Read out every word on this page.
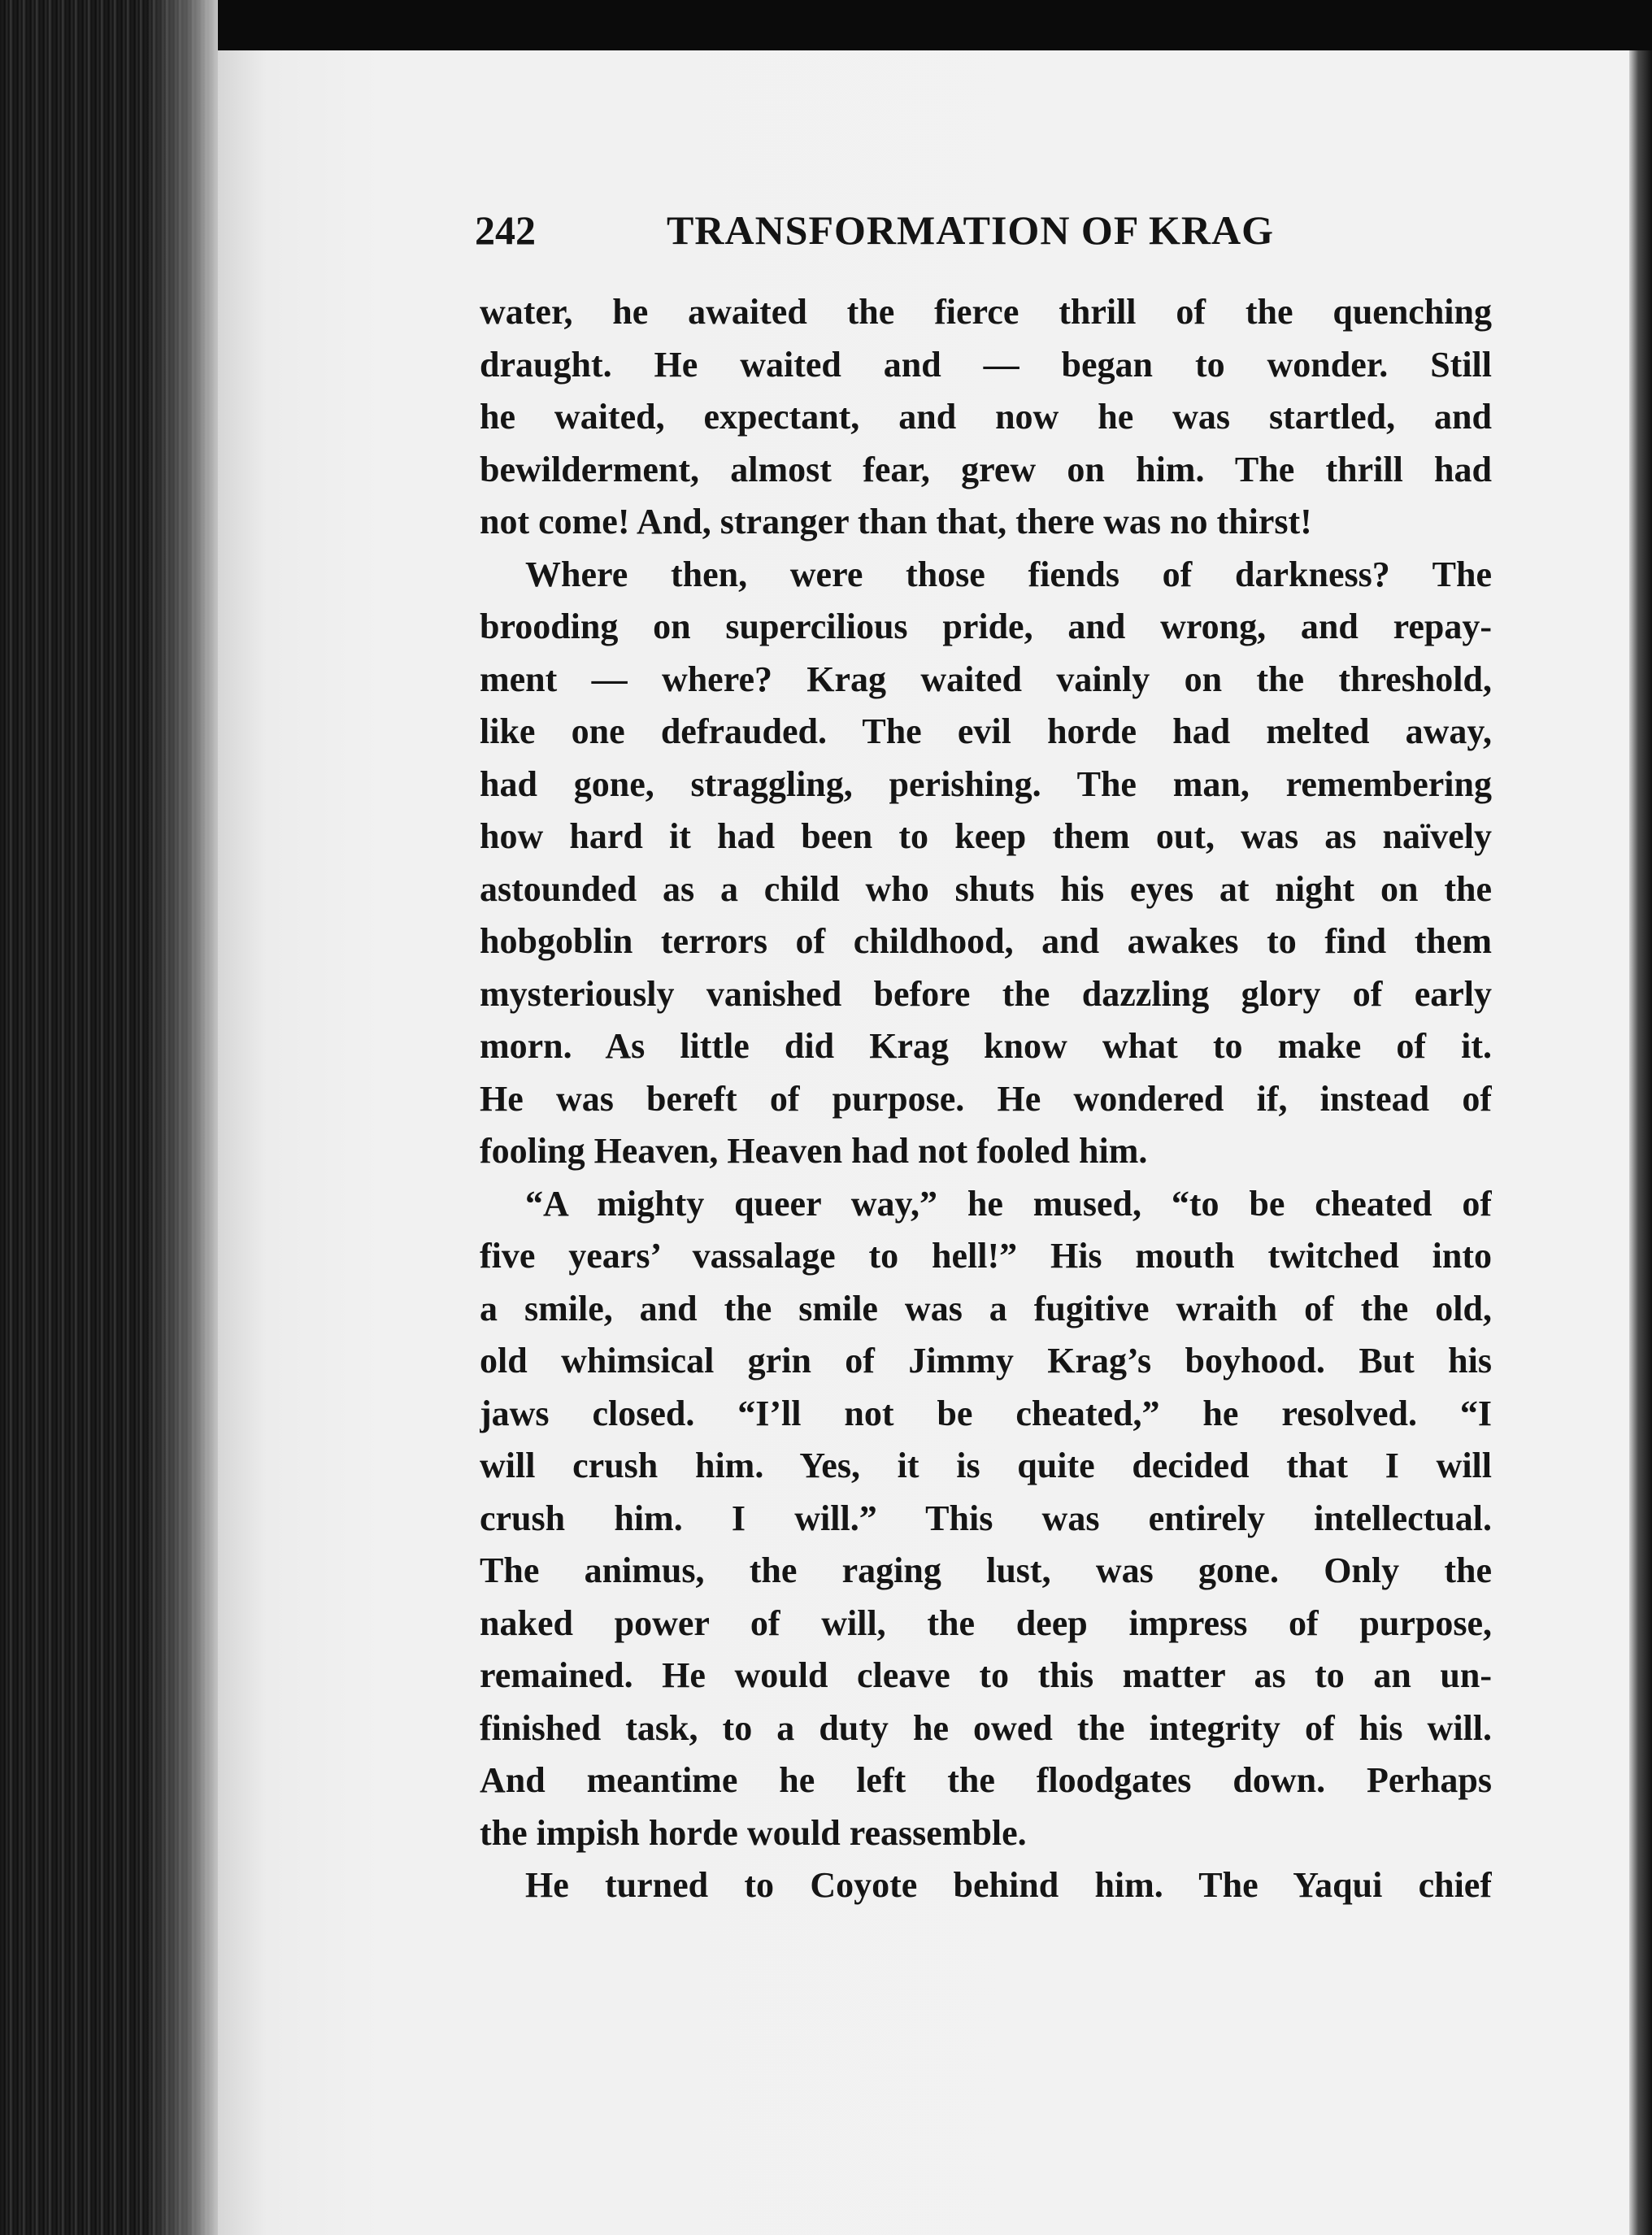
242	TRANSFORMATION OF KRAG
water, he awaited the fierce thrill of the quenching
draught. He waited and — began to wonder. Still
he waited, expectant, and now he was startled, and
bewilderment, almost fear, grew on him. The thrill had
not come! And, stranger than that, there was no thirst!
Where then, were those fiends of darkness? The
brooding on supercilious pride, and wrong, and repay-
ment — where? Krag waited vainly on the threshold,
like one defrauded. The evil horde had melted away,
had gone, straggling, perishing. The man, remembering
how hard it had been to keep them out, was as naïvely
astounded as a child who shuts his eyes at night on the
hobgoblin terrors of childhood, and awakes to find them
mysteriously vanished before the dazzling glory of early
morn. As little did Krag know what to make of it.
He was bereft of purpose. He wondered if, instead of
fooling Heaven, Heaven had not fooled him.
“A mighty queer way,” he mused, “to be cheated of
five years’ vassalage to hell!” His mouth twitched into
a smile, and the smile was a fugitive wraith of the old,
old whimsical grin of Jimmy Krag’s boyhood. But his
jaws closed. “I’ll not be cheated,” he resolved. “I
will crush him. Yes, it is quite decided that I will
crush him. I will.” This was entirely intellectual.
The animus, the raging lust, was gone. Only the
naked power of will, the deep impress of purpose,
remained. He would cleave to this matter as to an un-
finished task, to a duty he owed the integrity of his will.
And meantime he left the floodgates down. Perhaps
the impish horde would reassemble.
He turned to Coyote behind him. The Yaqui chief
